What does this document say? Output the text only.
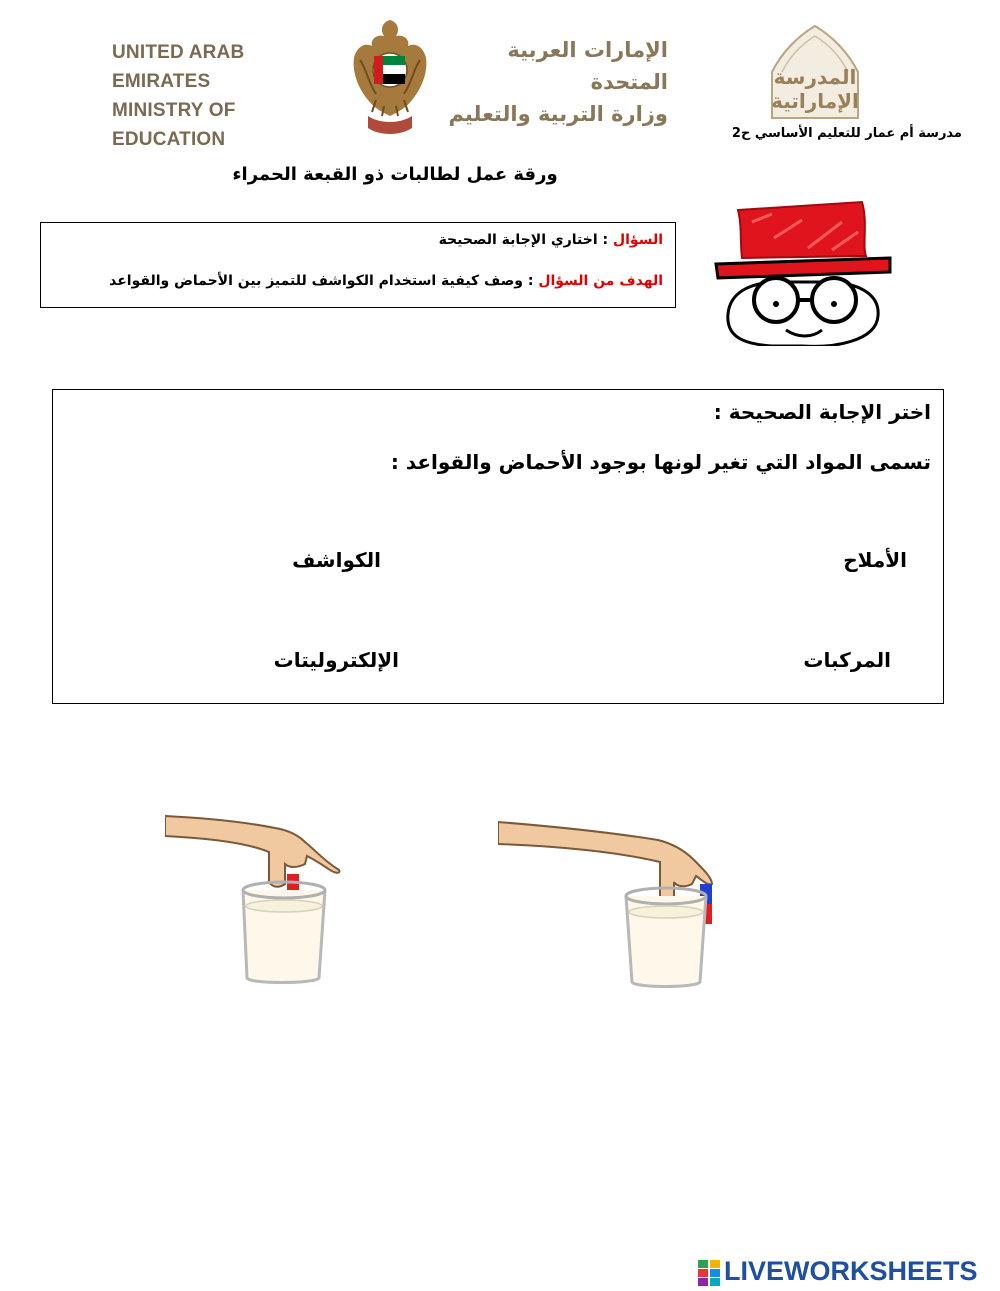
UNITED ARAB EMIRATES
MINISTRY OF EDUCATION
الإمارات العربية المتحدة
وزارة التربية والتعليم
المدرسة
الإماراتية
مدرسة أم عمار للتعليم الأساسي ح2
ورقة عمل لطالبات ذو القبعة الحمراء
السؤال : اختاري الإجابة الصحيحة
الهدف من السؤال : وصف كيفية استخدام الكواشف للتميز بين الأحماض والقواعد
اختر الإجابة الصحيحة :
تسمى المواد التي تغير لونها بوجود الأحماض والقواعد :
الأملاح
الكواشف
المركبات
الإلكتروليتات
LIVEWORKSHEETS
